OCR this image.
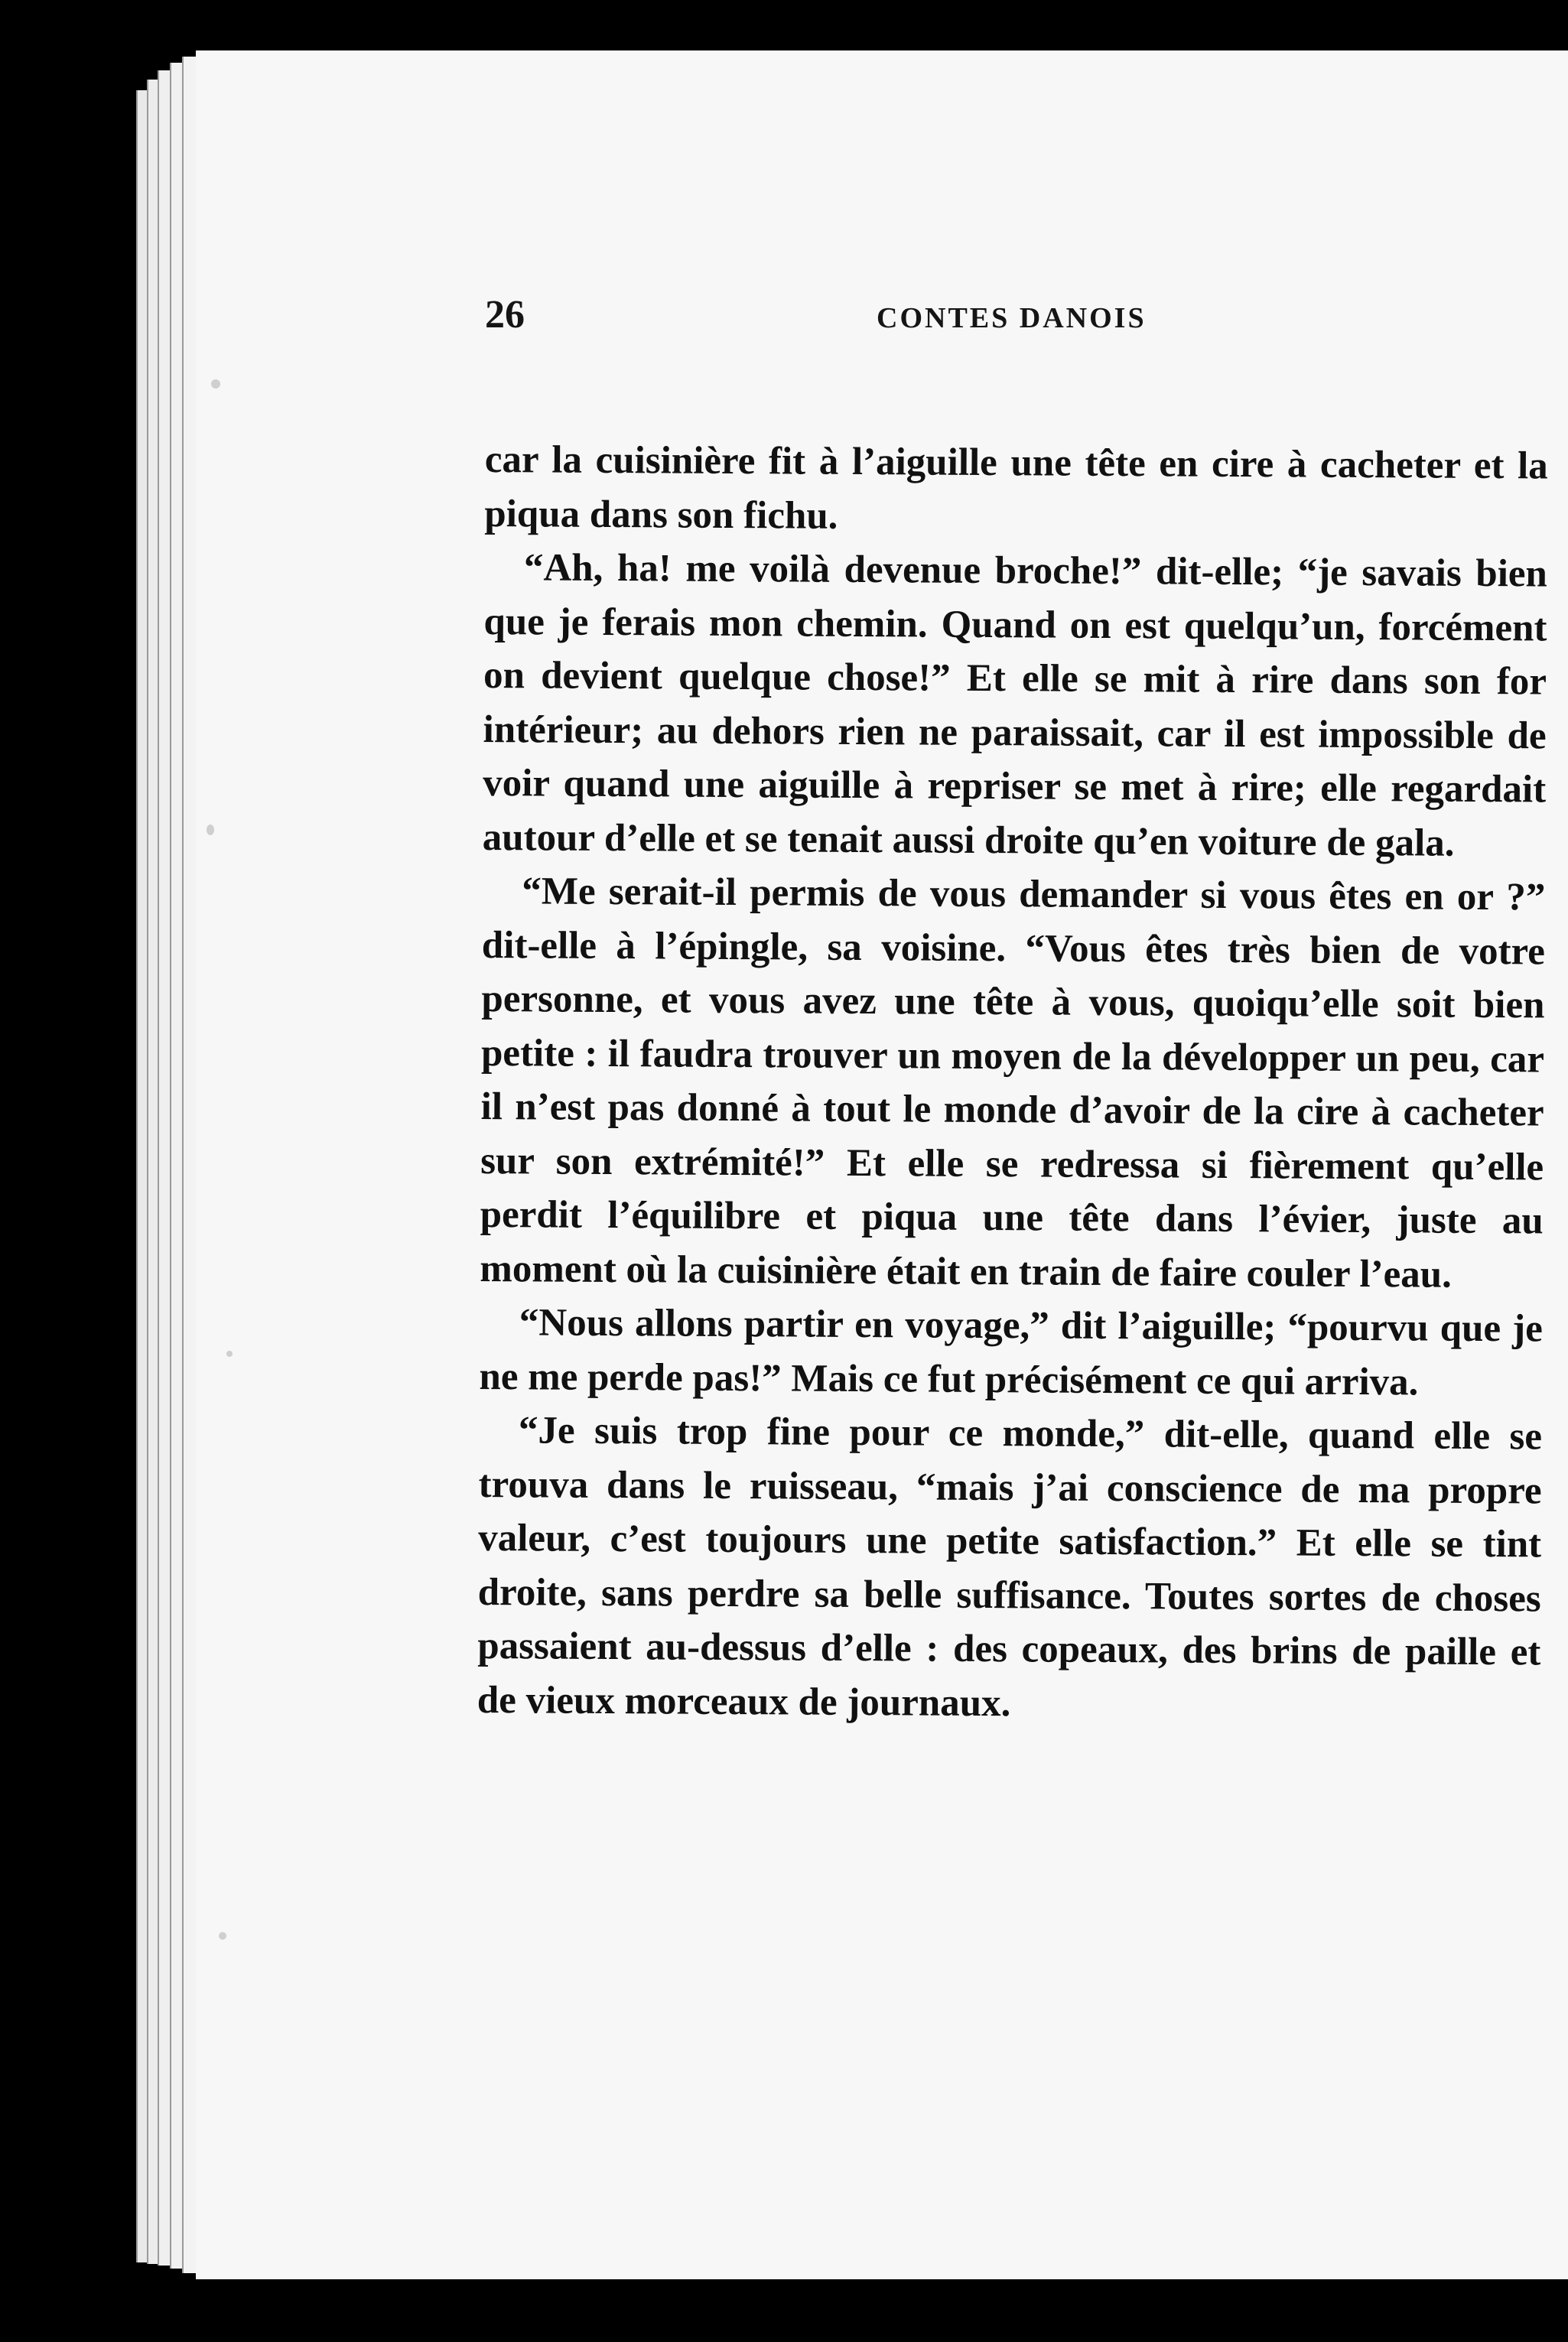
26	CONTES DANOIS

car la cuisinière fit à l’aiguille une tête en cire à cacheter et la piqua dans son fichu.

“Ah, ha! me voilà devenue broche!” dit-elle; “je savais bien que je ferais mon chemin. Quand on est quelqu’un, forcément on devient quelque chose!” Et elle se mit à rire dans son for intérieur; au dehors rien ne paraissait, car il est impossible de voir quand une aiguille à repriser se met à rire; elle regardait autour d’elle et se tenait aussi droite qu’en voiture de gala.

“Me serait-il permis de vous demander si vous êtes en or ?” dit-elle à l’épingle, sa voisine. “Vous êtes très bien de votre personne, et vous avez une tête à vous, quoiqu’elle soit bien petite : il faudra trouver un moyen de la développer un peu, car il n’est pas donné à tout le monde d’avoir de la cire à cacheter sur son extrémité!” Et elle se redressa si fièrement qu’elle perdit l’équilibre et piqua une tête dans l’évier, juste au moment où la cuisinière était en train de faire couler l’eau.

“Nous allons partir en voyage,” dit l’aiguille; “pourvu que je ne me perde pas!” Mais ce fut précisément ce qui arriva.

“Je suis trop fine pour ce monde,” dit-elle, quand elle se trouva dans le ruisseau, “mais j’ai conscience de ma propre valeur, c’est toujours une petite satisfaction.” Et elle se tint droite, sans perdre sa belle suffisance. Toutes sortes de choses passaient au-dessus d’elle : des copeaux, des brins de paille et de vieux morceaux de journaux.
